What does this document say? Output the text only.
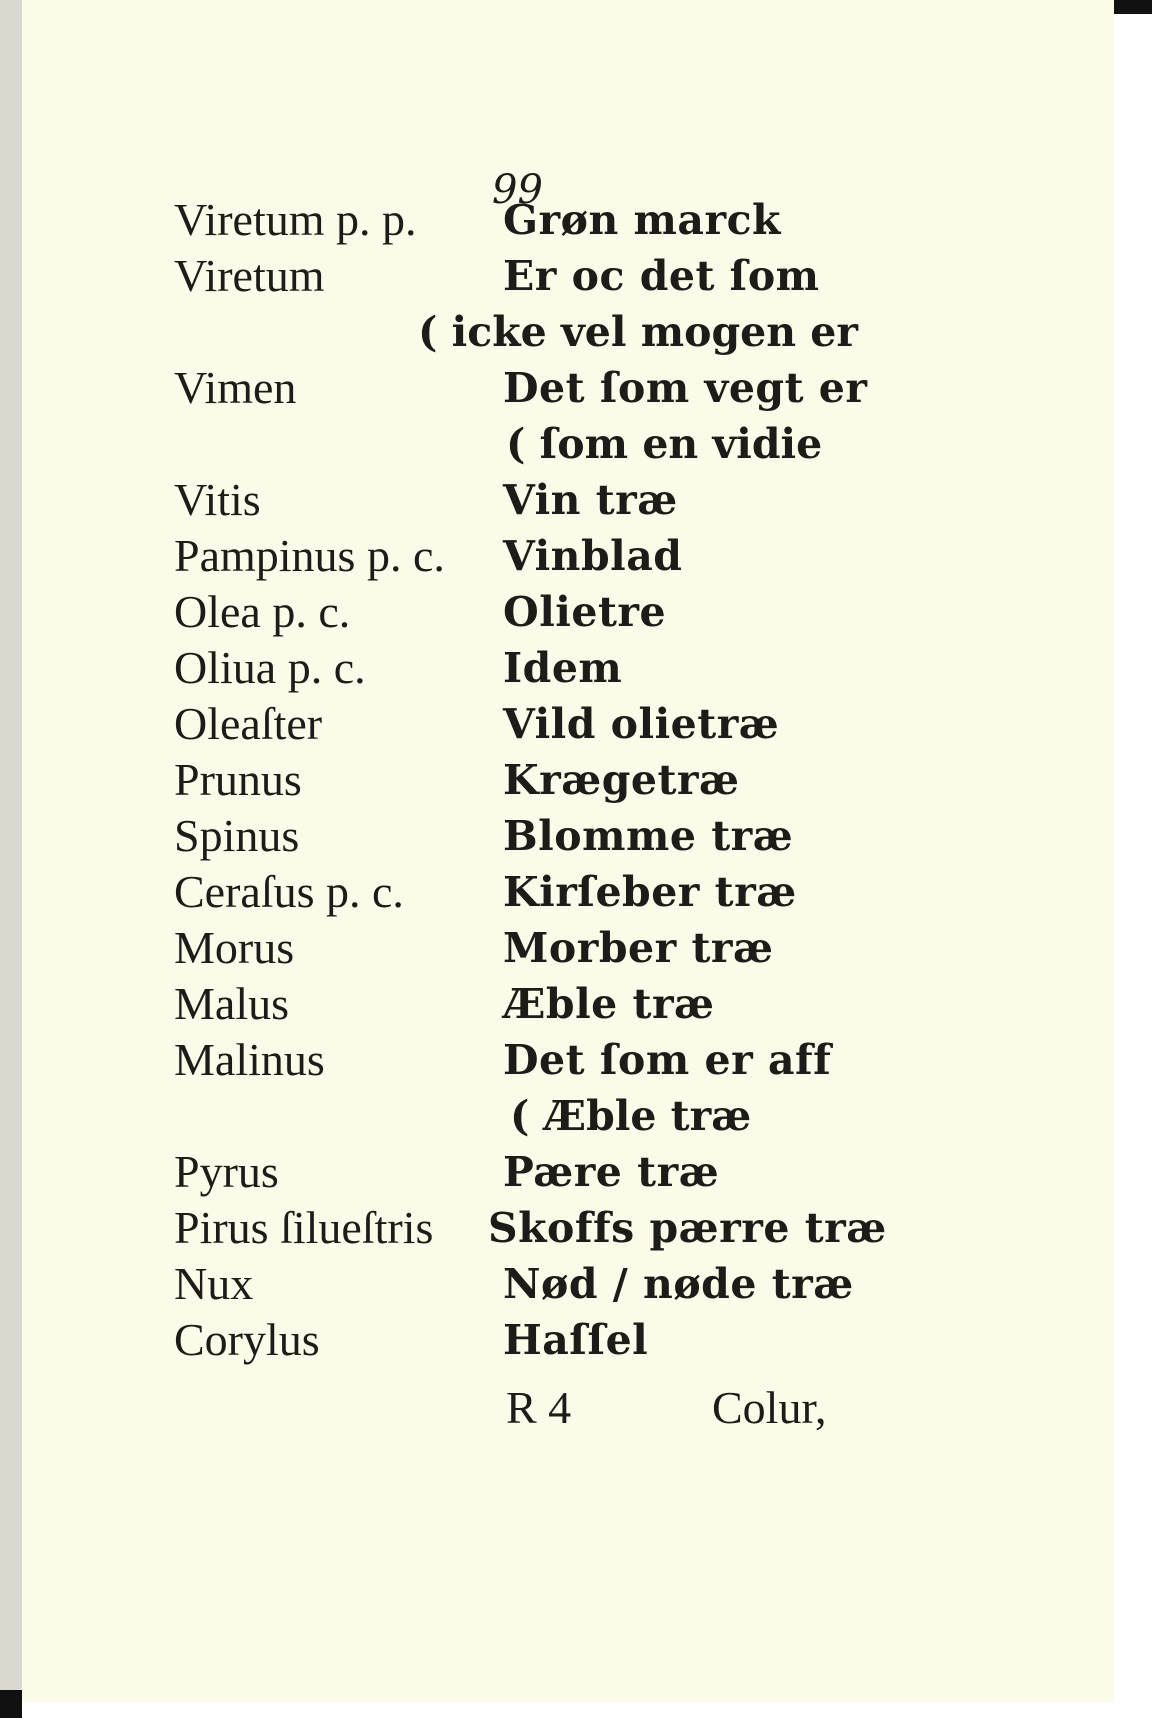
99
Viretum p. p. Grøn marck
Viretum	Er oc det ſom
( icke vel mogen er
Vimen	Det ſom vegt er
( ſom en vidie
Vitis	Vin træ
Pampinus p. c. Vinblad
Olea p. c.	Olietre
Oliua p. c.	Idem
Oleaſter	Vild olietræ
Prunus	Krægetræ
Spinus	Blomme træ
Ceraſus p. c. Kirſeber træ
Morus	Morber træ
Malus	Æble træ
Malinus	Det ſom er aff
( Æble træ
Pyrus	Pære træ
Pirus ſilueſtris Skoffs pærre træ
Nux	Nød / nøde træ
Corylus	Haſſel
R 4	Colur,
